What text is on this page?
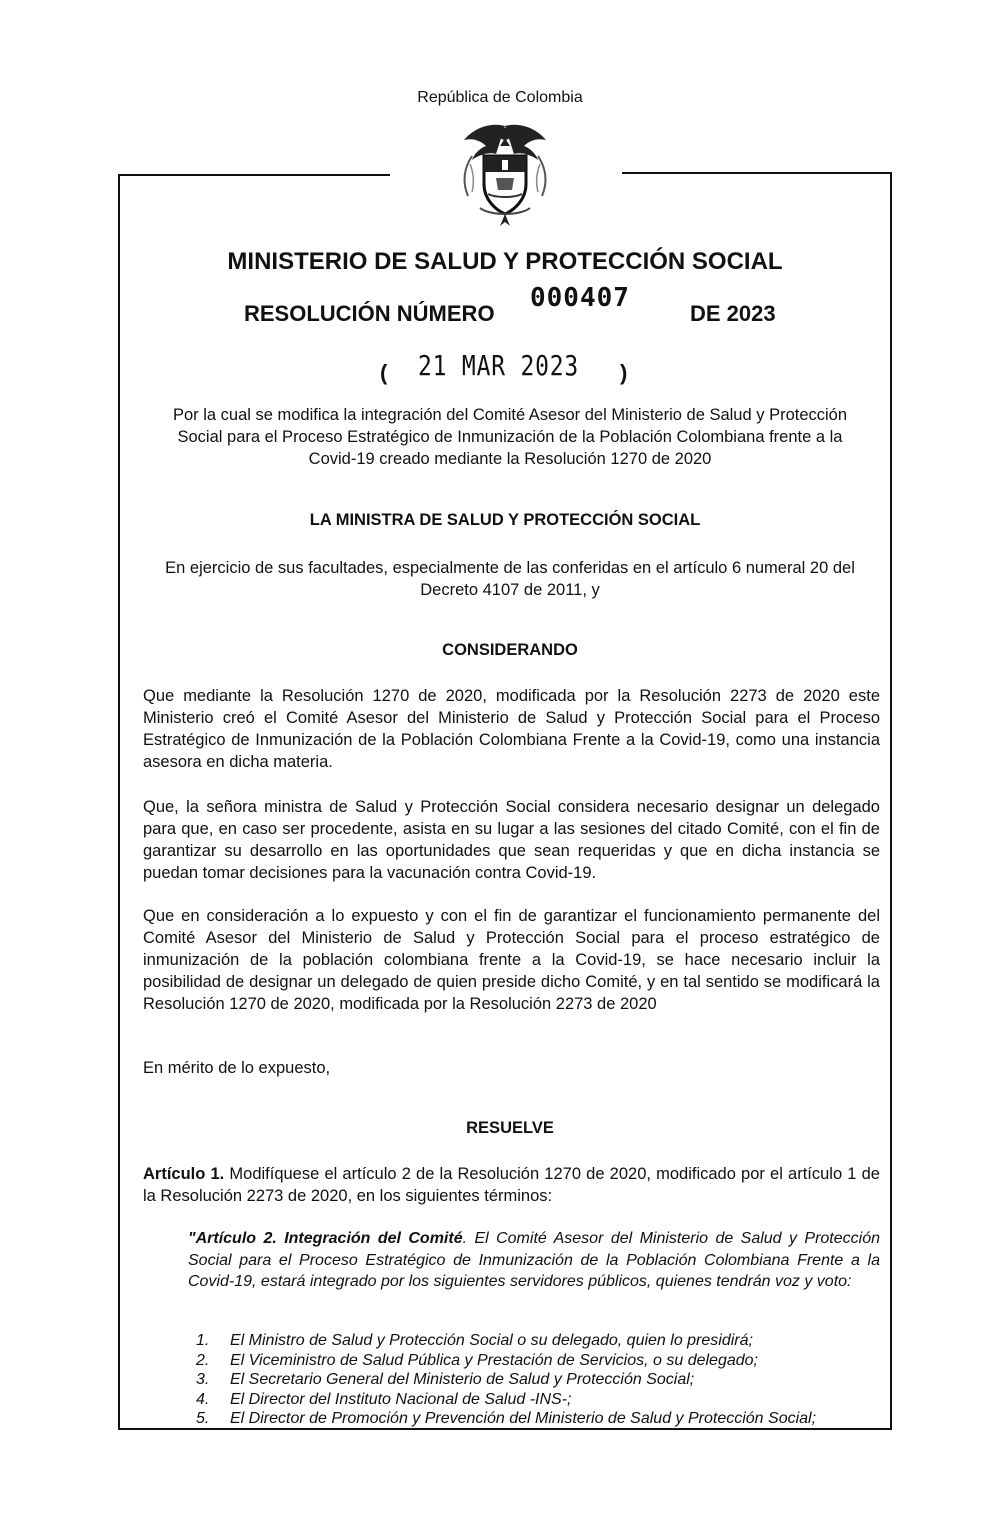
República de Colombia
MINISTERIO DE SALUD Y PROTECCIÓN SOCIAL
RESOLUCIÓN NÚMERO
000407
DE 2023
( 21 MAR 2023 )
Por la cual se modifica la integración del Comité Asesor del Ministerio de Salud y Protección Social para el Proceso Estratégico de Inmunización de la Población Colombiana frente a la Covid-19 creado mediante la Resolución 1270 de 2020
LA MINISTRA DE SALUD Y PROTECCIÓN SOCIAL
En ejercicio de sus facultades, especialmente de las conferidas en el artículo 6 numeral 20 del Decreto 4107 de 2011, y
CONSIDERANDO

Que mediante la Resolución 1270 de 2020, modificada por la Resolución 2273 de 2020 este Ministerio creó el Comité Asesor del Ministerio de Salud y Protección Social para el Proceso Estratégico de Inmunización de la Población Colombiana Frente a la Covid-19, como una instancia asesora en dicha materia.

Que, la señora ministra de Salud y Protección Social considera necesario designar un delegado para que, en caso ser procedente, asista en su lugar a las sesiones del citado Comité, con el fin de garantizar su desarrollo en las oportunidades que sean requeridas y que en dicha instancia se puedan tomar decisiones para la vacunación contra Covid-19.

Que en consideración a lo expuesto y con el fin de garantizar el funcionamiento permanente del Comité Asesor del Ministerio de Salud y Protección Social para el proceso estratégico de inmunización de la población colombiana frente a la Covid-19, se hace necesario incluir la posibilidad de designar un delegado de quien preside dicho Comité, y en tal sentido se modificará la Resolución 1270 de 2020, modificada por la Resolución 2273 de 2020

En mérito de lo expuesto,

RESUELVE

Artículo 1. Modifíquese el artículo 2 de la Resolución 1270 de 2020, modificado por el artículo 1 de la Resolución 2273 de 2020, en los siguientes términos:

"Artículo 2. Integración del Comité. El Comité Asesor del Ministerio de Salud y Protección Social para el Proceso Estratégico de Inmunización de la Población Colombiana Frente a la Covid-19, estará integrado por los siguientes servidores públicos, quienes tendrán voz y voto:

1.	El Ministro de Salud y Protección Social o su delegado, quien lo presidirá;
2.	El Viceministro de Salud Pública y Prestación de Servicios, o su delegado;
3.	El Secretario General del Ministerio de Salud y Protección Social;
4.	El Director del Instituto Nacional de Salud -INS-;
5.	El Director de Promoción y Prevención del Ministerio de Salud y Protección Social;
